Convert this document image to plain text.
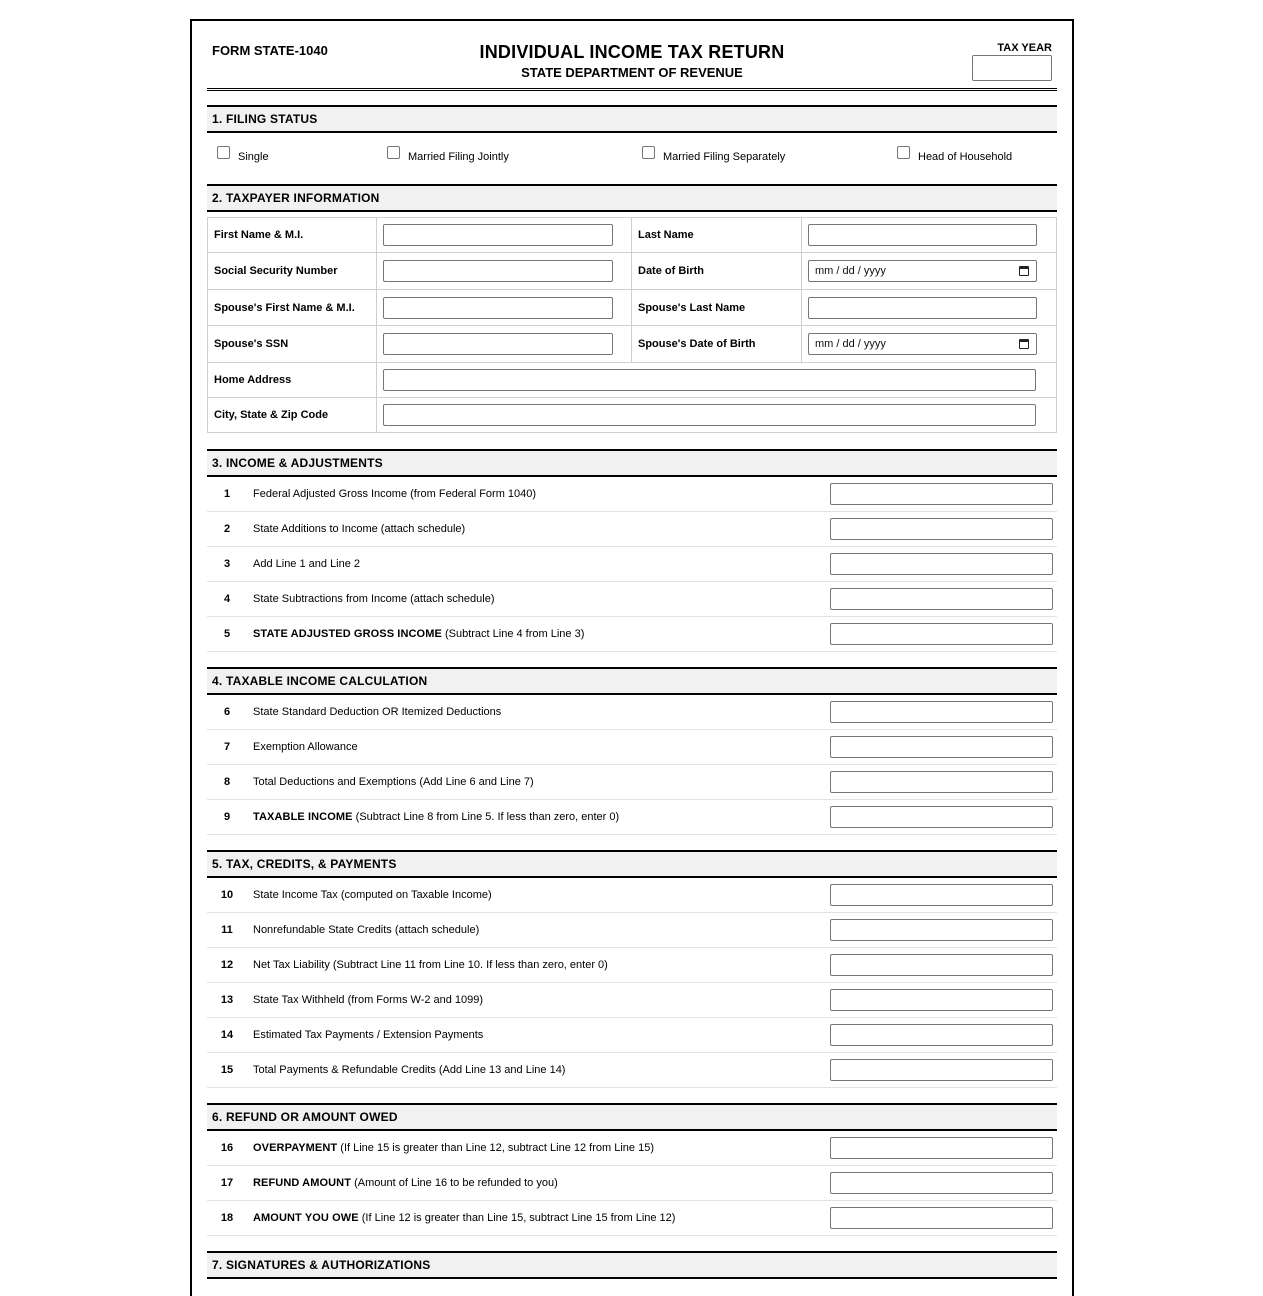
FORM STATE-1040	INDIVIDUAL INCOME TAX RETURN
STATE DEPARTMENT OF REVENUE
TAX YEAR
1. FILING STATUS
Single	Married Filing Jointly	Married Filing Separately	Head of Household
2. TAXPAYER INFORMATION
First Name & M.I.		Last Name	

Social Security Number		Date of Birth	mm / dd / yyyy

Spouse's First Name & M.I.		Spouse's Last Name	

Spouse's SSN		Spouse's Date of Birth	mm / dd / yyyy

Home Address			

City, State & Zip Code			
3. INCOME & ADJUSTMENTS
1	Federal Adjusted Gross Income (from Federal Form 1040)
2	State Additions to Income (attach schedule)
3	Add Line 1 and Line 2
4	State Subtractions from Income (attach schedule)
5	STATE ADJUSTED GROSS INCOME (Subtract Line 4 from Line 3)
4. TAXABLE INCOME CALCULATION
6	State Standard Deduction OR Itemized Deductions
7	Exemption Allowance
8	Total Deductions and Exemptions (Add Line 6 and Line 7)
9	TAXABLE INCOME (Subtract Line 8 from Line 5. If less than zero, enter 0)
5. TAX, CREDITS, & PAYMENTS
10	State Income Tax (computed on Taxable Income)
11	Nonrefundable State Credits (attach schedule)
12	Net Tax Liability (Subtract Line 11 from Line 10. If less than zero, enter 0)
13	State Tax Withheld (from Forms W-2 and 1099)
14	Estimated Tax Payments / Extension Payments
15	Total Payments & Refundable Credits (Add Line 13 and Line 14)
6. REFUND OR AMOUNT OWED
16	OVERPAYMENT (If Line 15 is greater than Line 12, subtract Line 12 from Line 15)
17	REFUND AMOUNT (Amount of Line 16 to be refunded to you)
18	AMOUNT YOU OWE (If Line 12 is greater than Line 15, subtract Line 15 from Line 12)
7. SIGNATURES & AUTHORIZATIONS
